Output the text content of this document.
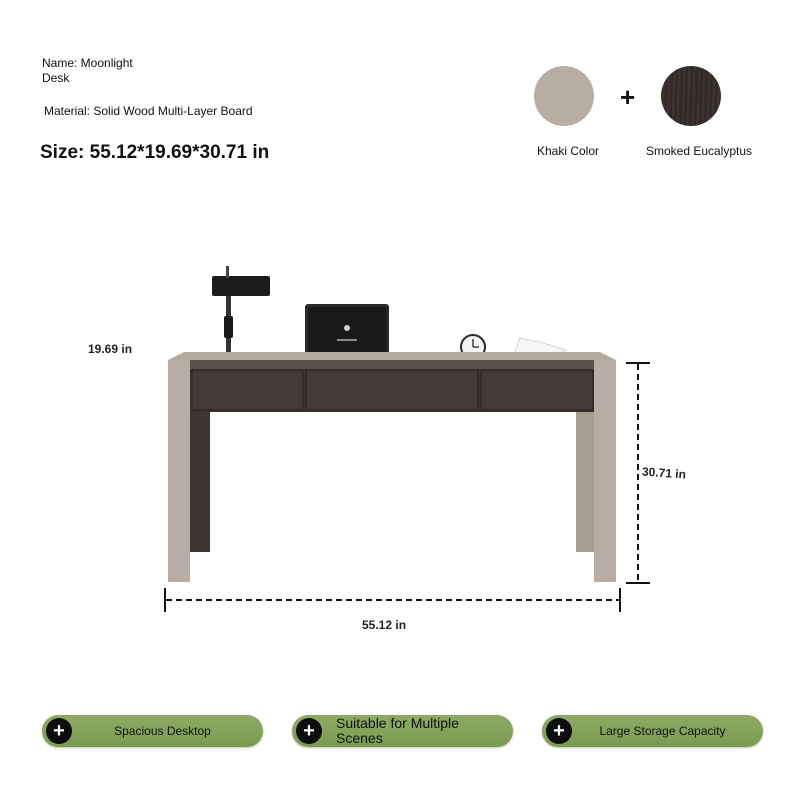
Name: Moonlight Desk
Material: Solid Wood Multi-Layer Board
Size: 55.12*19.69*30.71 in
+
Khaki Color	Smoked Eucalyptus
19.69 in
30.71 in
55.12 in
+	Spacious Desktop	+	Suitable for Multiple Scenes	+	Large Storage Capacity
